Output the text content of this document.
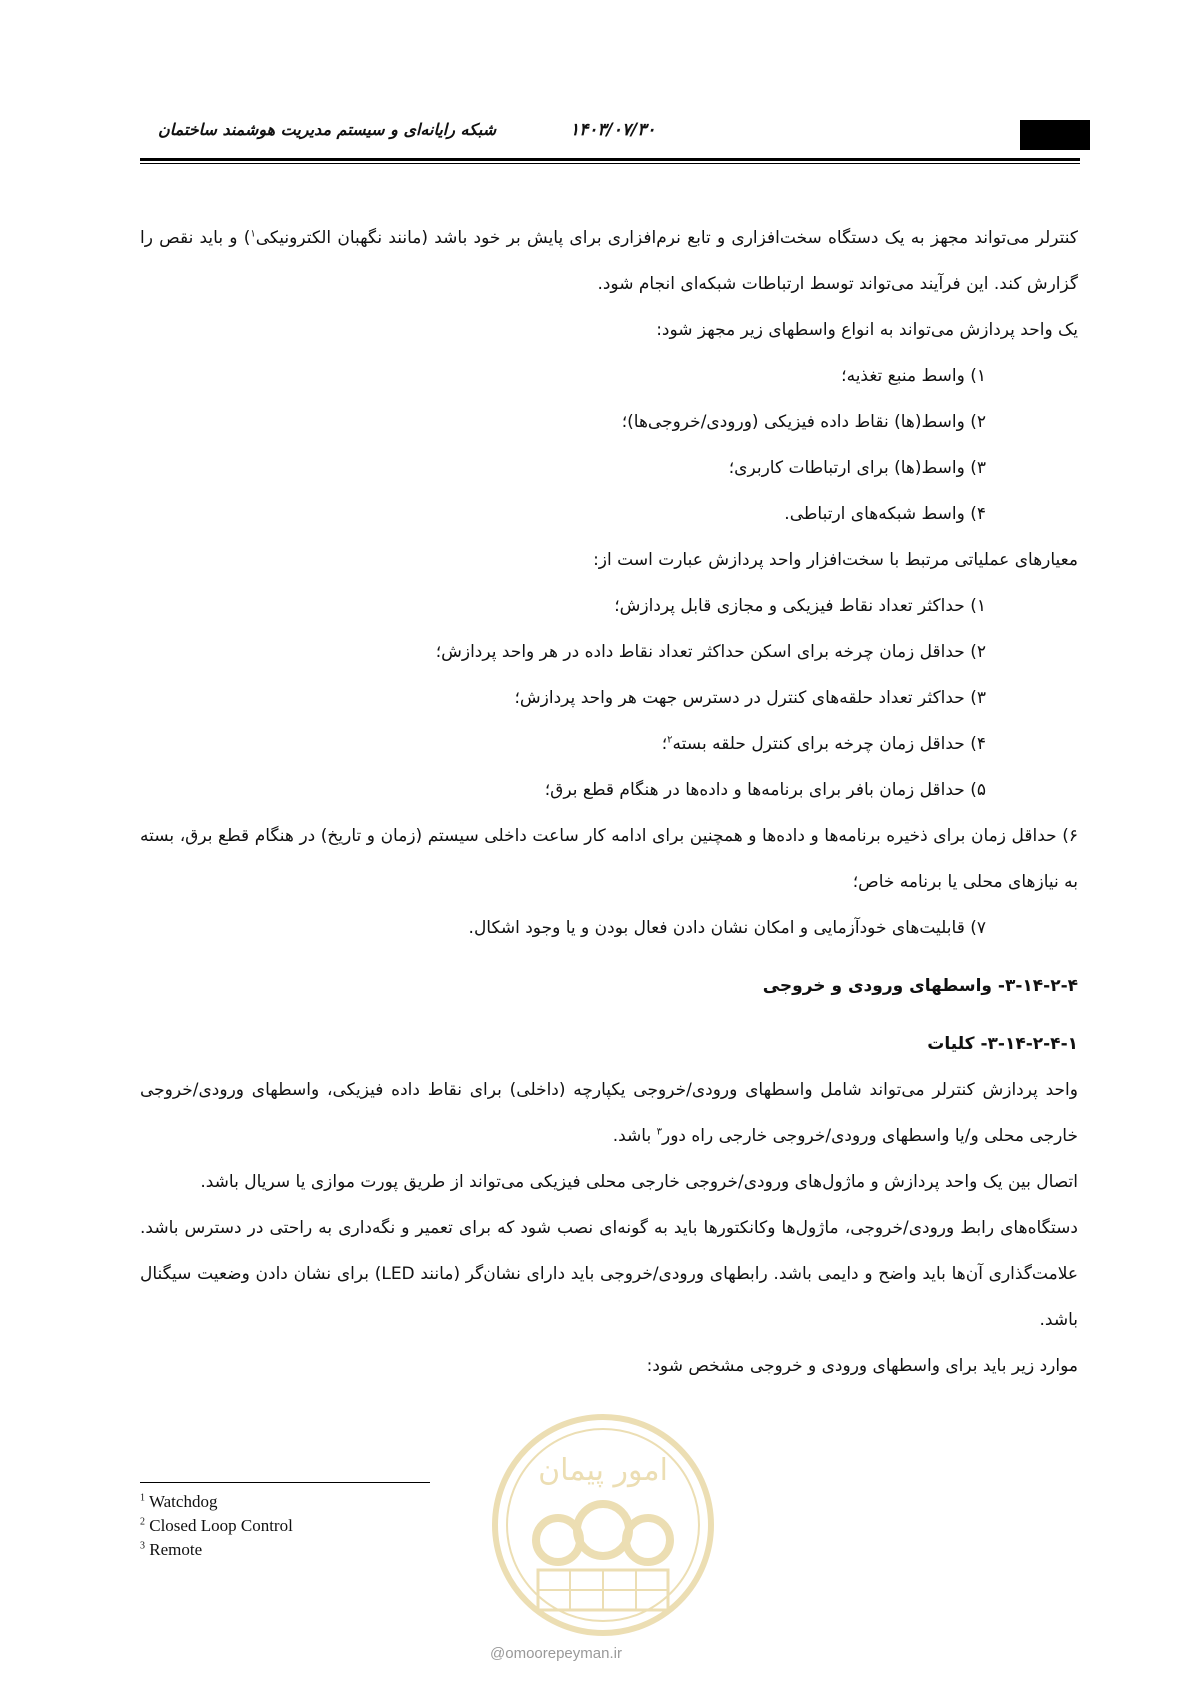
شبکه رایانه‌ای و سیستم مدیریت هوشمند ساختمان	۱۴۰۳/۰۷/۳۰

کنترلر می‌تواند مجهز به یک دستگاه سخت‌افزاری و تابع نرم‌افزاری برای پایش بر خود باشد (مانند نگهبان الکترونیکی$^۱$) و باید نقص را گزارش کند. این فرآیند می‌تواند توسط ارتباطات شبکه‌ای انجام شود.

یک واحد پردازش می‌تواند به انواع واسطهای زیر مجهز شود:

۱) واسط منبع تغذیه؛

۲) واسط(ها) نقاط داده فیزیکی (ورودی/خروجی‌ها)؛

۳) واسط(ها) برای ارتباطات کاربری؛

۴) واسط شبکه‌های ارتباطی.

معیارهای عملیاتی مرتبط با سخت‌افزار واحد پردازش عبارت است از:

۱) حداکثر تعداد نقاط فیزیکی و مجازی قابل پردازش؛

۲) حداقل زمان چرخه برای اسکن حداکثر تعداد نقاط داده در هر واحد پردازش؛

۳) حداکثر تعداد حلقه‌های کنترل در دسترس جهت هر واحد پردازش؛

۴) حداقل زمان چرخه برای کنترل حلقه بسته$^۲$؛

۵) حداقل زمان بافر برای برنامه‌ها و داده‌ها در هنگام قطع برق؛

۶) حداقل زمان برای ذخیره برنامه‌ها و داده‌ها و همچنین برای ادامه کار ساعت داخلی سیستم (زمان و تاریخ) در هنگام قطع برق، بسته به نیازهای محلی یا برنامه خاص؛

۷) قابلیت‌های خودآزمایی و امکان نشان دادن فعال بودن و یا وجود اشکال.

۳-۱۴-۲-۴- واسطهای ورودی و خروجی

۳-۱۴-۲-۴-۱- کلیات

واحد پردازش کنترلر می‌تواند شامل واسطهای ورودی/خروجی یکپارچه (داخلی) برای نقاط داده فیزیکی، واسطهای ورودی/خروجی خارجی محلی و/یا واسطهای ورودی/خروجی خارجی راه دور$^۳$ باشد.

اتصال بین یک واحد پردازش و ماژول‌های ورودی/خروجی خارجی محلی فیزیکی می‌تواند از طریق پورت موازی یا سریال باشد.

دستگاه‌های رابط ورودی/خروجی، ماژول‌ها وکانکتورها باید به گونه‌ای نصب شود که برای تعمیر و نگه‌داری به راحتی در دسترس باشد. علامت‌گذاری آن‌ها باید واضح و دایمی باشد. رابطهای ورودی/خروجی باید دارای نشان‌گر (مانند LED) برای نشان دادن وضعیت سیگنال باشد.

موارد زیر باید برای واسطهای ورودی و خروجی مشخص شود:

$^1$ Watchdog
$^2$ Closed Loop Control
$^3$ Remote
امور پیمان
@omoorepeyman.ir
